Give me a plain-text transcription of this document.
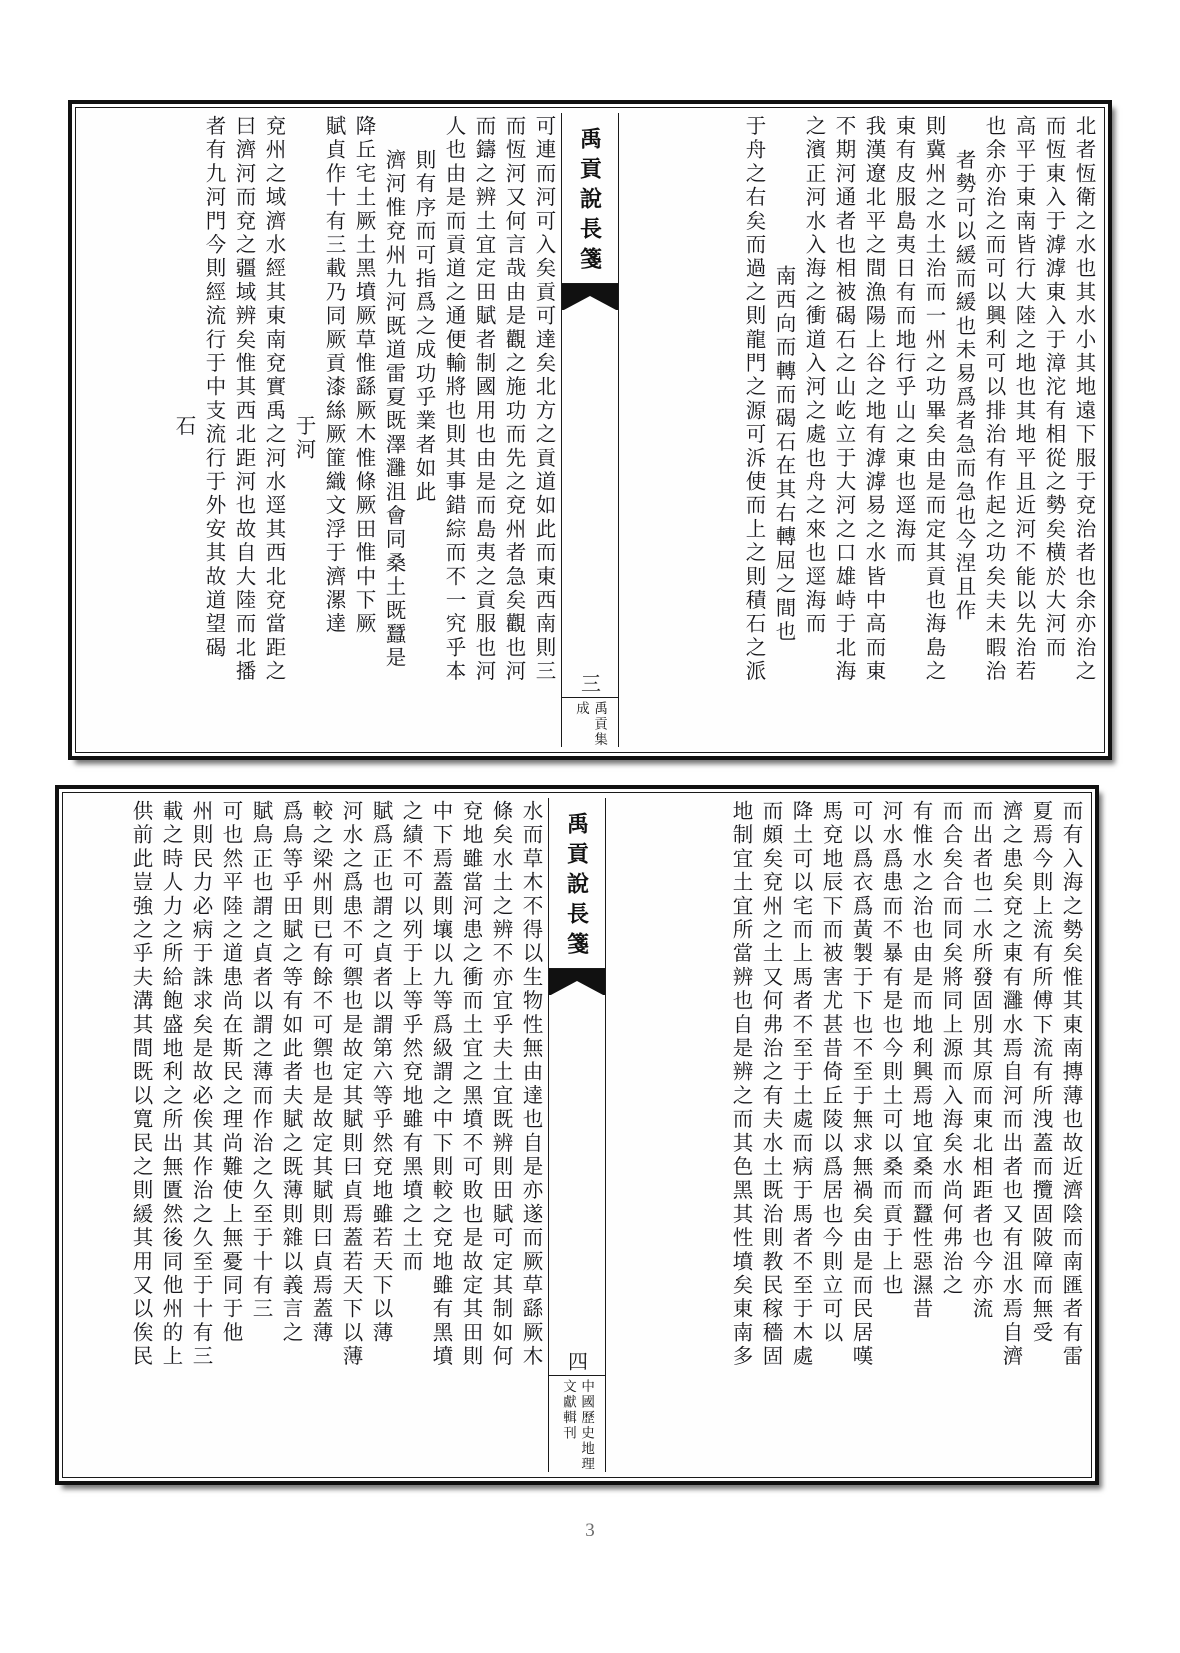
北者恆衛之水也其水小其地遠下服于兗治者也余亦治之
而恆東入于滹滹東入于漳沱有相從之勢矣横於大河而
高平于東南皆行大陸之地也其地平且近河不能以先治若
也余亦治之而可以興利可以排治有作起之功矣夫未暇治
者勢可以緩而緩也未易爲者急而急也今涅且作
則冀州之水土治而一州之功畢矣由是而定其貢也海島之
東有皮服島夷日有而地行乎山之東也逕海而
我漢遼北平之間漁陽上谷之地有滹滹易之水皆中高而東
不期河通者也相被碣石之山屹立于大河之口雄峙于北海
之濱正河水入海之衝道入河之處也舟之來也逕海而
南西向而轉而碣石在其右轉屈之間也
于舟之右矣而過之則龍門之源可泝使而上之則積石之派
禹貢說長箋
三
禹貢集
成
可連而河可入矣貢可達矣北方之貢道如此而東西南則三
而恆河又何言哉由是觀之施功而先之兗州者急矣觀也河
而鑄之辨土宜定田賦者制國用也由是而島夷之貢服也河
人也由是而貢道之通便輸將也則其事錯綜而不一究乎本
則有序而可指爲之成功乎業者如此
濟河惟兗州九河既道雷夏既澤灉沮會同桑土既蠶是
降丘宅土厥土黑墳厥草惟繇厥木惟條厥田惟中下厥
賦貞作十有三載乃同厥貢漆絲厥篚織文浮于濟漯達
于河
兗州之域濟水經其東南兗實禹之河水逕其西北兗當距之
曰濟河而兗之疆域辨矣惟其西北距河也故自大陸而北播
者有九河門今則經流行于中支流行于外安其故道望碣
石
而有入海之勢矣惟其東南摶薄也故近濟陰而南匯者有雷
夏焉今則上流有所傅下流有所洩蓋而攬固陂障而無受
濟之患矣兗之東有灉水焉自河而出者也又有沮水焉自濟
而出者也二水所發固別其原而東北相距者也今亦流
而合矣合而同矣將同上源而入海矣水尚何弗治之
有惟水之治也由是而地利興焉地宜桑而蠶性惡濕昔
河水爲患而不暴有是也今則土可以桑而貢于上也
可以爲衣爲黃製于下也不至于無求無禍矣由是而民居嘆
馬兗地辰下而被害尤甚昔倚丘陵以爲居也今則立可以
降土可以宅而上馬者不至于土處而病于馬者不至于木處
而頗矣兗州之土又何弗治之有夫水土既治則教民稼穡固
地制宜土宜所當辨也自是辨之而其色黑其性墳矣東南多
禹貢說長箋
四
中國歷史地理
文獻輯刊
水而草木不得以生物性無由達也自是亦遂而厥草繇厥木
條矣水土之辨不亦宜乎夫土宜既辨則田賦可定其制如何
兗地雖當河患之衝而土宜之黑墳不可敗也是故定其田則
中下焉蓋則壤以九等爲級謂之中下則較之兗地雖有黑墳
之績不可以列于上等乎然兗地雖有黑墳之土而
賦爲正也謂之貞者以謂第六等乎然兗地雖若天下以薄
河水之爲患不可禦也是故定其賦則曰貞焉蓋若天下以薄
較之梁州則已有餘不可禦也是故定其賦則曰貞焉蓋薄
爲鳥等乎田賦之等有如此者夫賦之既薄則雜以義言之
賦鳥正也謂之貞者以謂之薄而作治之久至于十有三
可也然平陸之道患尚在斯民之理尚難使上無憂同于他
州則民力必病于誅求矣是故必俟其作治之久至于十有三
載之時人力之所給飽盛地利之所出無匱然後同他州的上
供前此豈強之乎夫溝其間既以寬民之則緩其用又以俟民
3
